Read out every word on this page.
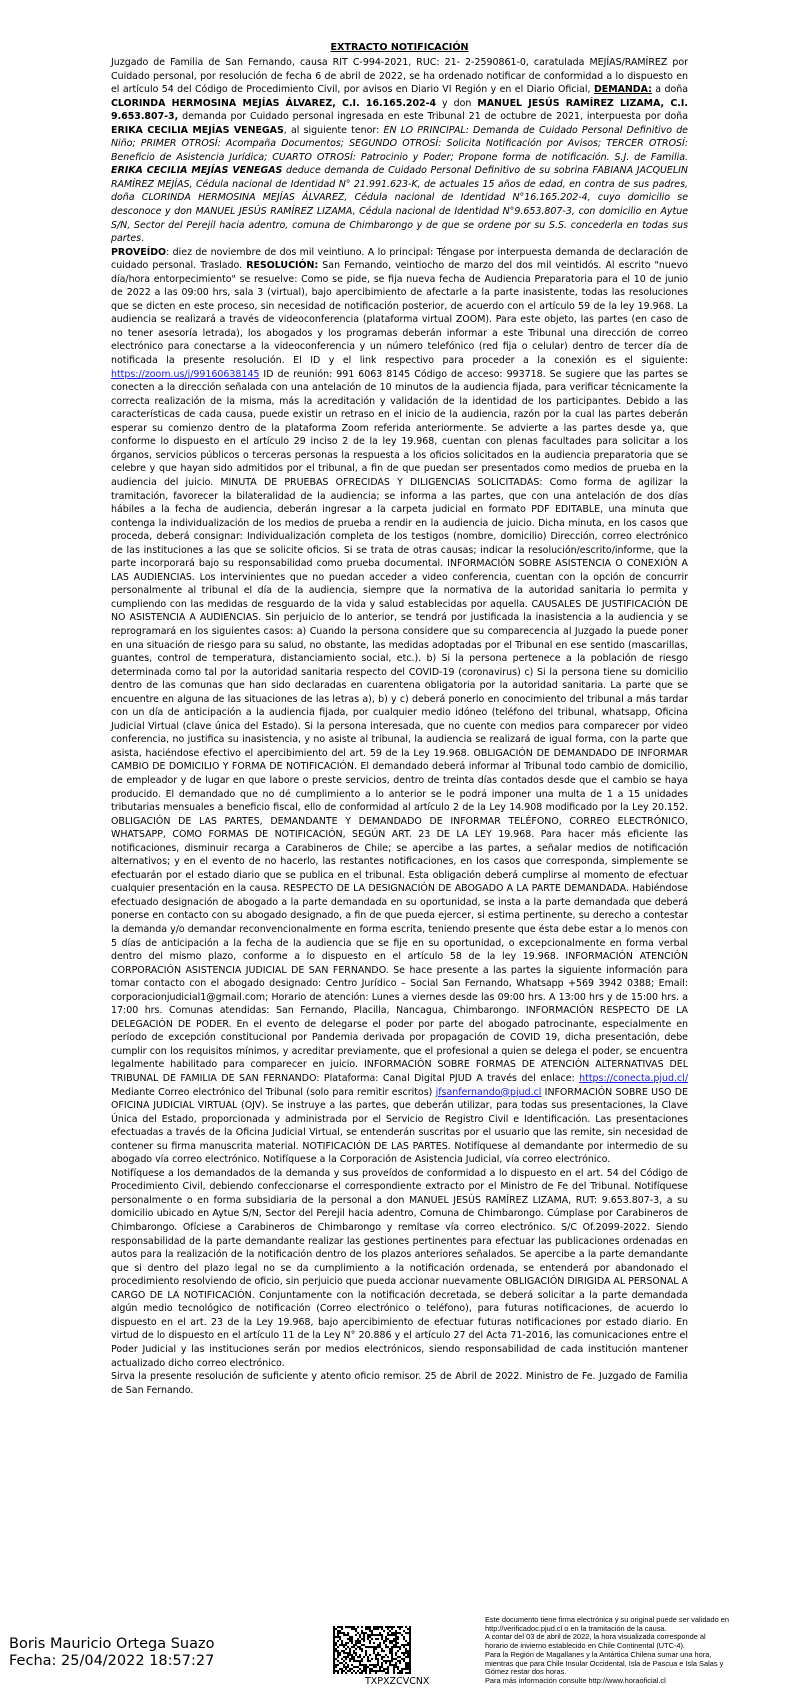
EXTRACTO NOTIFICACIÓN

Juzgado de Familia de San Fernando, causa RIT C-994-2021, RUC: 21- 2-2590861-0, caratulada MEJÍAS/RAMÍREZ por Cuidado personal, por resolución de fecha 6 de abril de 2022, se ha ordenado notificar de conformidad a lo dispuesto en el artículo 54 del Código de Procedimiento Civil, por avisos en Diario VI Región y en el Diario Oficial, DEMANDA: a doña CLORINDA HERMOSINA MEJÍAS ÁLVAREZ, C.I. 16.165.202-4 y don MANUEL JESÚS RAMÍREZ LIZAMA, C.I. 9.653.807-3, demanda por Cuidado personal ingresada en este Tribunal 21 de octubre de 2021, interpuesta por doña ERIKA CECILIA MEJÍAS VENEGAS, al siguiente tenor: EN LO PRINCIPAL: Demanda de Cuidado Personal Definitivo de Niño; PRIMER OTROSÍ: Acompaña Documentos; SEGUNDO OTROSÍ: Solicita Notificación por Avisos; TERCER OTROSÍ: Beneficio de Asistencia Jurídica; CUARTO OTROSÍ: Patrocinio y Poder; Propone forma de notificación. S.J. de Familia. ERIKA CECILIA MEJÍAS VENEGAS deduce demanda de Cuidado Personal Definitivo de su sobrina FABIANA JACQUELIN RAMÍREZ MEJÍAS, Cédula nacional de Identidad N° 21.991.623-K, de actuales 15 años de edad, en contra de sus padres, doña CLORINDA HERMOSINA MEJÍAS ÁLVAREZ, Cédula nacional de Identidad N°16.165.202-4, cuyo domicilio se desconoce y don MANUEL JESÚS RAMÍREZ LIZAMA, Cédula nacional de Identidad N°9.653.807-3, con domicilio en Aytue S/N, Sector del Perejil hacia adentro, comuna de Chimbarongo y de que se ordene por su S.S. concederla en todas sus partes.
PROVEÍDO: diez de noviembre de dos mil veintiuno. A lo principal: Téngase por interpuesta demanda de declaración de cuidado personal. Traslado. RESOLUCIÓN: San Fernando, veintiocho de marzo del dos mil veintidós. Al escrito "nuevo día/hora entorpecimiento" se resuelve: Como se pide, se fija nueva fecha de Audiencia Preparatoria para el 10 de junio de 2022 a las 09:00 hrs, sala 3 (virtual), bajo apercibimiento de afectarle a la parte inasistente, todas las resoluciones que se dicten en este proceso, sin necesidad de notificación posterior, de acuerdo con el artículo 59 de la ley 19.968. La audiencia se realizará a través de videoconferencia (plataforma virtual ZOOM). Para este objeto, las partes (en caso de no tener asesoría letrada), los abogados y los programas deberán informar a este Tribunal una dirección de correo electrónico para conectarse a la videoconferencia y un número telefónico (red fija o celular) dentro de tercer día de notificada la presente resolución. El ID y el link respectivo para proceder a la conexión es el siguiente: https://zoom.us/j/99160638145 ID de reunión: 991 6063 8145 Código de acceso: 993718. Se sugiere que las partes se conecten a la dirección señalada con una antelación de 10 minutos de la audiencia fijada, para verificar técnicamente la correcta realización de la misma, más la acreditación y validación de la identidad de los participantes. Debido a las características de cada causa, puede existir un retraso en el inicio de la audiencia, razón por la cual las partes deberán esperar su comienzo dentro de la plataforma Zoom referida anteriormente. Se advierte a las partes desde ya, que conforme lo dispuesto en el artículo 29 inciso 2 de la ley 19.968, cuentan con plenas facultades para solicitar a los órganos, servicios públicos o terceras personas la respuesta a los oficios solicitados en la audiencia preparatoria que se celebre y que hayan sido admitidos por el tribunal, a fin de que puedan ser presentados como medios de prueba en la audiencia del juicio. MINUTA DE PRUEBAS OFRECIDAS Y DILIGENCIAS SOLICITADAS: Como forma de agilizar la tramitación, favorecer la bilateralidad de la audiencia; se informa a las partes, que con una antelación de dos días hábiles a la fecha de audiencia, deberán ingresar a la carpeta judicial en formato PDF EDITABLE, una minuta que contenga la individualización de los medios de prueba a rendir en la audiencia de juicio. Dicha minuta, en los casos que proceda, deberá consignar: Individualización completa de los testigos (nombre, domicilio) Dirección, correo electrónico de las instituciones a las que se solicite oficios. Si se trata de otras causas; indicar la resolución/escrito/informe, que la parte incorporará bajo su responsabilidad como prueba documental. INFORMACIÓN SOBRE ASISTENCIA O CONEXIÓN A LAS AUDIENCIAS. Los intervinientes que no puedan acceder a video conferencia, cuentan con la opción de concurrir personalmente al tribunal el día de la audiencia, siempre que la normativa de la autoridad sanitaria lo permita y cumpliendo con las medidas de resguardo de la vida y salud establecidas por aquella. CAUSALES DE JUSTIFICACIÓN DE NO ASISTENCIA A AUDIENCIAS. Sin perjuicio de lo anterior, se tendrá por justificada la inasistencia a la audiencia y se reprogramará en los siguientes casos: a) Cuando la persona considere que su comparecencia al Juzgado la puede poner en una situación de riesgo para su salud, no obstante, las medidas adoptadas por el Tribunal en ese sentido (mascarillas, guantes, control de temperatura, distanciamiento social, etc.). b) Si la persona pertenece a la población de riesgo determinada como tal por la autoridad sanitaria respecto del COVID-19 (coronavirus) c) Si la persona tiene su domicilio dentro de las comunas que han sido declaradas en cuarentena obligatoria por la autoridad sanitaria. La parte que se encuentre en alguna de las situaciones de las letras a), b) y c) deberá ponerlo en conocimiento del tribunal a más tardar con un día de anticipación a la audiencia fijada, por cualquier medio idóneo (teléfono del tribunal, whatsapp, Oficina Judicial Virtual (clave única del Estado). Si la persona interesada, que no cuente con medios para comparecer por video conferencia, no justifica su inasistencia, y no asiste al tribunal, la audiencia se realizará de igual forma, con la parte que asista, haciéndose efectivo el apercibimiento del art. 59 de la Ley 19.968. OBLIGACIÓN DE DEMANDADO DE INFORMAR CAMBIO DE DOMICILIO Y FORMA DE NOTIFICACIÓN. El demandado deberá informar al Tribunal todo cambio de domicilio, de empleador y de lugar en que labore o preste servicios, dentro de treinta días contados desde que el cambio se haya producido. El demandado que no dé cumplimiento a lo anterior se le podrá imponer una multa de 1 a 15 unidades tributarias mensuales a beneficio fiscal, ello de conformidad al artículo 2 de la Ley 14.908 modificado por la Ley 20.152. OBLIGACIÓN DE LAS PARTES, DEMANDANTE Y DEMANDADO DE INFORMAR TELÉFONO, CORREO ELECTRÓNICO, WHATSAPP, COMO FORMAS DE NOTIFICACIÓN, SEGÚN ART. 23 DE LA LEY 19.968. Para hacer más eficiente las notificaciones, disminuir recarga a Carabineros de Chile; se apercibe a las partes, a señalar medios de notificación alternativos; y en el evento de no hacerlo, las restantes notificaciones, en los casos que corresponda, simplemente se efectuarán por el estado diario que se publica en el tribunal. Esta obligación deberá cumplirse al momento de efectuar cualquier presentación en la causa. RESPECTO DE LA DESIGNACIÓN DE ABOGADO A LA PARTE DEMANDADA. Habiéndose efectuado designación de abogado a la parte demandada en su oportunidad, se insta a la parte demandada que deberá ponerse en contacto con su abogado designado, a fin de que pueda ejercer, si estima pertinente, su derecho a contestar la demanda y/o demandar reconvencionalmente en forma escrita, teniendo presente que ésta debe estar a lo menos con 5 días de anticipación a la fecha de la audiencia que se fije en su oportunidad, o excepcionalmente en forma verbal dentro del mismo plazo, conforme a lo dispuesto en el artículo 58 de la ley 19.968. INFORMACIÓN ATENCIÓN CORPORACIÓN ASISTENCIA JUDICIAL DE SAN FERNANDO. Se hace presente a las partes la siguiente información para tomar contacto con el abogado designado: Centro Jurídico – Social San Fernando, Whatsapp +569 3942 0388; Email: corporacionjudicial1@gmail.com; Horario de atención: Lunes a viernes desde las 09:00 hrs. A 13:00 hrs y de 15:00 hrs. a 17:00 hrs. Comunas atendidas: San Fernando, Placilla, Nancagua, Chimbarongo. INFORMACIÓN RESPECTO DE LA DELEGACIÓN DE PODER. En el evento de delegarse el poder por parte del abogado patrocinante, especialmente en período de excepción constitucional por Pandemia derivada por propagación de COVID 19, dicha presentación, debe cumplir con los requisitos mínimos, y acreditar previamente, que el profesional a quien se delega el poder, se encuentra legalmente habilitado para comparecer en juicio. INFORMACIÓN SOBRE FORMAS DE ATENCIÓN ALTERNATIVAS DEL TRIBUNAL DE FAMILIA DE SAN FERNANDO: Plataforma: Canal Digital PJUD A través del enlace: https://conecta.pjud.cl/ Mediante Correo electrónico del Tribunal (solo para remitir escritos) jfsanfernando@pjud.cl INFORMACIÓN SOBRE USO DE OFICINA JUDICIAL VIRTUAL (OJV). Se instruye a las partes, que deberán utilizar, para todas sus presentaciones, la Clave Única del Estado, proporcionada y administrada por el Servicio de Registro Civil e Identificación. Las presentaciones efectuadas a través de la Oficina Judicial Virtual, se entenderán suscritas por el usuario que las remite, sin necesidad de contener su firma manuscrita material. NOTIFICACIÓN DE LAS PARTES. Notifíquese al demandante por intermedio de su abogado vía correo electrónico. Notifíquese a la Corporación de Asistencia Judicial, vía correo electrónico.

Notifíquese a los demandados de la demanda y sus proveídos de conformidad a lo dispuesto en el art. 54 del Código de Procedimiento Civil, debiendo confeccionarse el correspondiente extracto por el Ministro de Fe del Tribunal. Notifíquese personalmente o en forma subsidiaria de la personal a don MANUEL JESÚS RAMÍREZ LIZAMA, RUT: 9.653.807-3, a su domicilio ubicado en Aytue S/N, Sector del Perejil hacia adentro, Comuna de Chimbarongo. Cúmplase por Carabineros de Chimbarongo. Ofíciese a Carabineros de Chimbarongo y remítase vía correo electrónico. S/C Of.2099-2022. Siendo responsabilidad de la parte demandante realizar las gestiones pertinentes para efectuar las publicaciones ordenadas en autos para la realización de la notificación dentro de los plazos anteriores señalados. Se apercibe a la parte demandante que si dentro del plazo legal no se da cumplimiento a la notificación ordenada, se entenderá por abandonado el procedimiento resolviendo de oficio, sin perjuicio que pueda accionar nuevamente OBLIGACIÓN DIRIGIDA AL PERSONAL A CARGO DE LA NOTIFICACIÓN. Conjuntamente con la notificación decretada, se deberá solicitar a la parte demandada algún medio tecnológico de notificación (Correo electrónico o teléfono), para futuras notificaciones, de acuerdo lo dispuesto en el art. 23 de la Ley 19.968, bajo apercibimiento de efectuar futuras notificaciones por estado diario. En virtud de lo dispuesto en el artículo 11 de la Ley N° 20.886 y el artículo 27 del Acta 71-2016, las comunicaciones entre el Poder Judicial y las instituciones serán por medios electrónicos, siendo responsabilidad de cada institución mantener actualizado dicho correo electrónico.

Sirva la presente resolución de suficiente y atento oficio remisor. 25 de Abril de 2022. Ministro de Fe. Juzgado de Familia de San Fernando.

Boris Mauricio Ortega Suazo
Fecha: 25/04/2022 18:57:27
TXPXZCVCNX
Este documento tiene firma electrónica y su original puede ser validado en
http://verificadoc.pjud.cl o en la tramitación de la causa.
A contar del 03 de abril de 2022, la hora visualizada corresponde al
horario de invierno establecido en Chile Continental (UTC-4).
Para la Región de Magallanes y la Antártica Chilena sumar una hora,
mientras que para Chile Insular Occidental, Isla de Pascua e Isla Salas y
Gómez restar dos horas.
Para más información consulte http://www.horaoficial.cl
